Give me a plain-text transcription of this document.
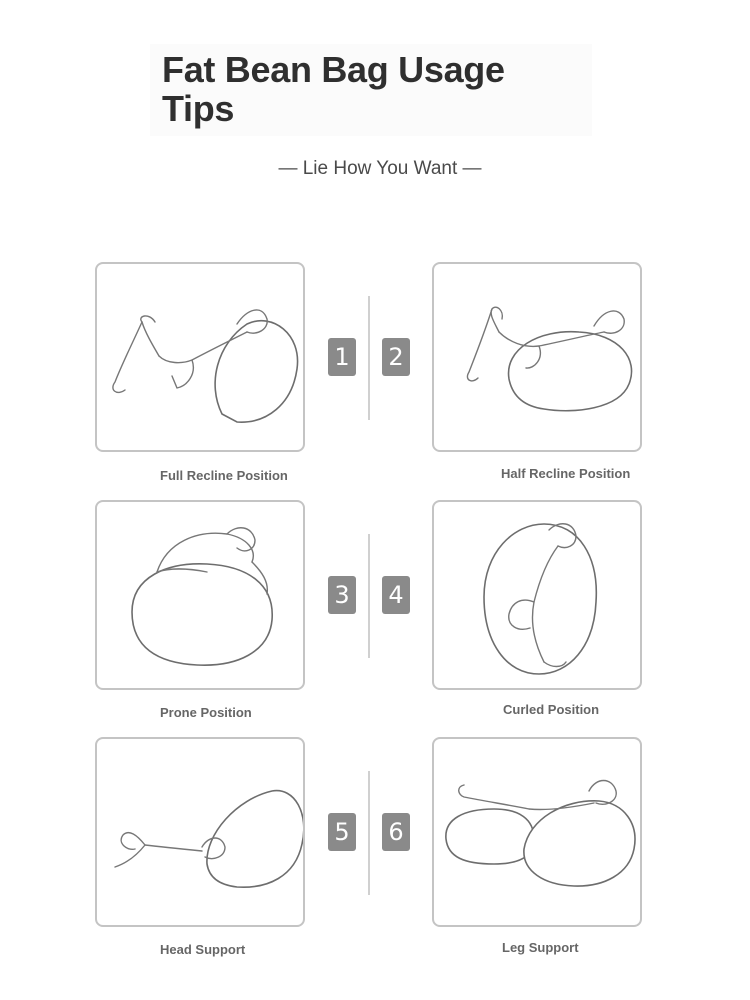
Fat Bean Bag Usage Tips
— Lie How You Want —
Full Recline Position
1 2
Half Recline Position
Prone Position
3 4
Curled Position
Head Support
5 6
Leg Support
